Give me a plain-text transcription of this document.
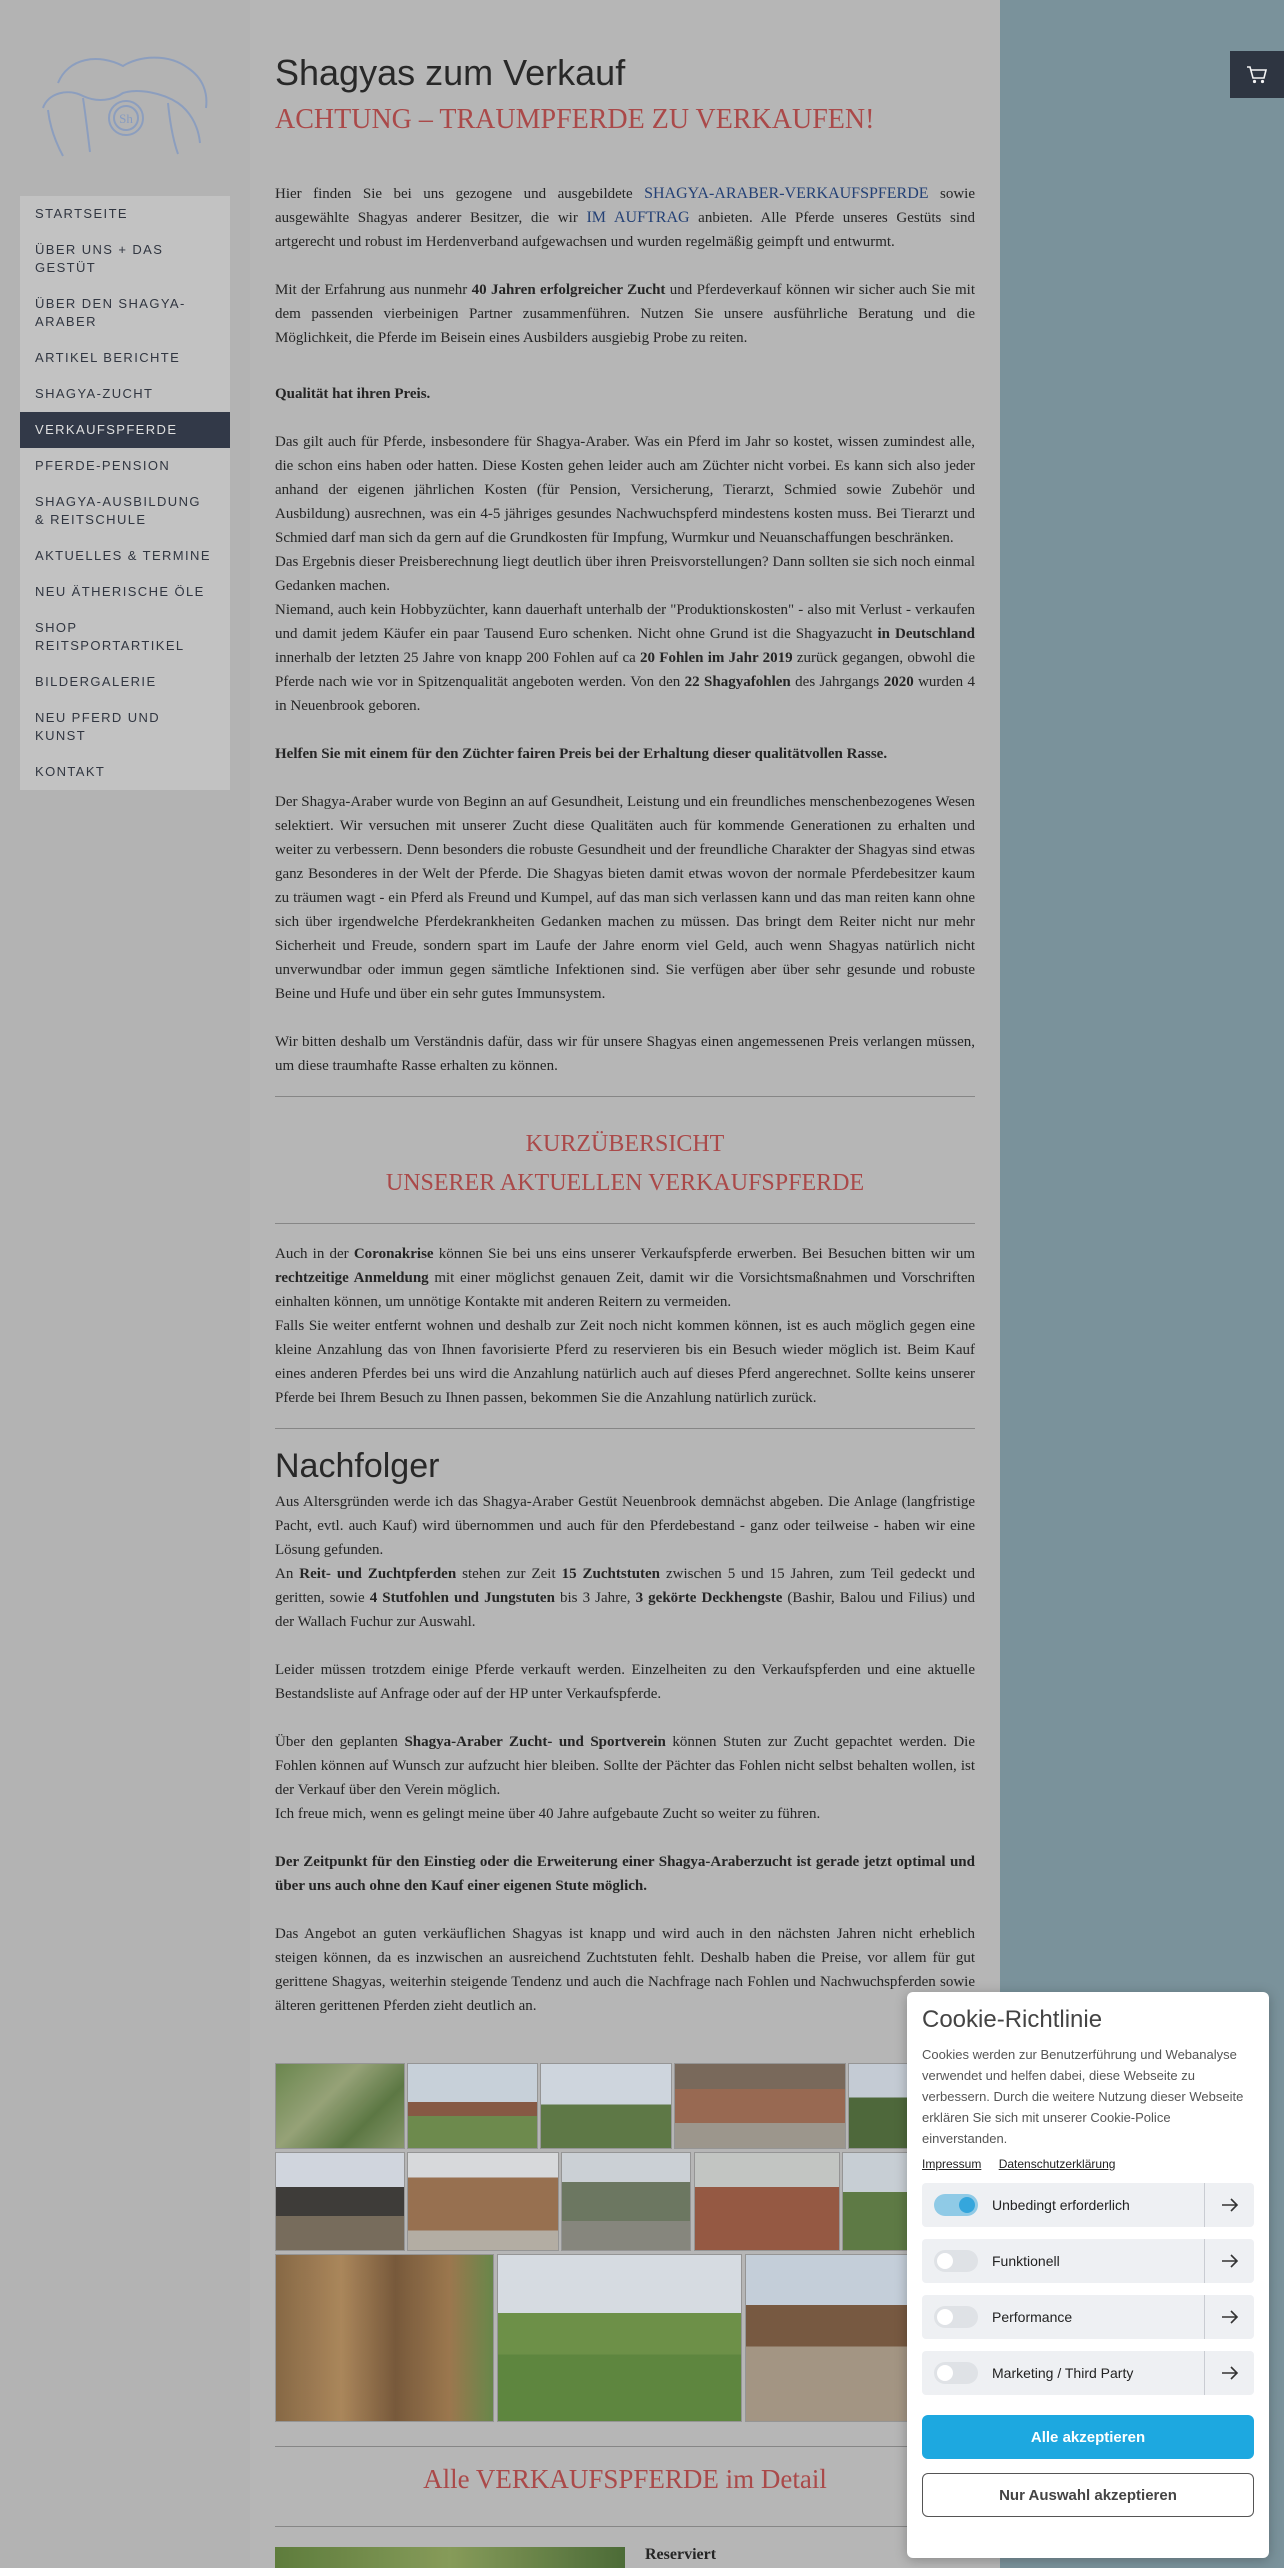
Sh
STARTSEITE
ÜBER UNS + DAS GESTÜT
ÜBER DEN SHAGYA-ARABER
ARTIKEL BERICHTE
SHAGYA-ZUCHT
VERKAUFSPFERDE
PFERDE-PENSION
SHAGYA-AUSBILDUNG & REITSCHULE
AKTUELLES & TERMINE
NEU ÄTHERISCHE ÖLE
SHOP REITSPORTARTIKEL
BILDERGALERIE
NEU PFERD UND KUNST
KONTAKT
Shagyas zum Verkauf
ACHTUNG – TRAUMPFERDE ZU VERKAUFEN!

Hier finden Sie bei uns gezogene und ausgebildete SHAGYA-ARABER-VERKAUFSPFERDE sowie ausgewählte Shagyas anderer Besitzer, die wir IM AUFTRAG anbieten. Alle Pferde unseres Gestüts sind artgerecht und robust im Herdenverband aufgewachsen und wurden regelmäßig geimpft und entwurmt.

Mit der Erfahrung aus nunmehr 40 Jahren erfolgreicher Zucht und Pferdeverkauf können wir sicher auch Sie mit dem passenden vierbeinigen Partner zusammenführen. Nutzen Sie unsere ausführliche Beratung und die Möglichkeit, die Pferde im Beisein eines Ausbilders ausgiebig Probe zu reiten.

Qualität hat ihren Preis.

Das gilt auch für Pferde, insbesondere für Shagya-Araber. Was ein Pferd im Jahr so kostet, wissen zumindest alle, die schon eins haben oder hatten. Diese Kosten gehen leider auch am Züchter nicht vorbei. Es kann sich also jeder anhand der eigenen jährlichen Kosten (für Pension, Versicherung, Tierarzt, Schmied sowie Zubehör und Ausbildung) ausrechnen, was ein 4-5 jähriges gesundes Nachwuchspferd mindestens kosten muss. Bei Tierarzt und Schmied darf man sich da gern auf die Grundkosten für Impfung, Wurmkur und Neuanschaffungen beschränken.

Das Ergebnis dieser Preisberechnung liegt deutlich über ihren Preisvorstellungen? Dann sollten sie sich noch einmal Gedanken machen.

Niemand, auch kein Hobbyzüchter, kann dauerhaft unterhalb der "Produktionskosten" - also mit Verlust - verkaufen und damit jedem Käufer ein paar Tausend Euro schenken. Nicht ohne Grund ist die Shagyazucht in Deutschland innerhalb der letzten 25 Jahre von knapp 200 Fohlen auf ca 20 Fohlen im Jahr 2019 zurück gegangen, obwohl die Pferde nach wie vor in Spitzenqualität angeboten werden. Von den 22 Shagyafohlen des Jahrgangs 2020 wurden 4 in Neuenbrook geboren.

Helfen Sie mit einem für den Züchter fairen Preis bei der Erhaltung dieser qualitätvollen Rasse.

Der Shagya-Araber wurde von Beginn an auf Gesundheit, Leistung und ein freundliches menschenbezogenes Wesen selektiert. Wir versuchen mit unserer Zucht diese Qualitäten auch für kommende Generationen zu erhalten und weiter zu verbessern. Denn besonders die robuste Gesundheit und der freundliche Charakter der Shagyas sind etwas ganz Besonderes in der Welt der Pferde. Die Shagyas bieten damit etwas wovon der normale Pferdebesitzer kaum zu träumen wagt - ein Pferd als Freund und Kumpel, auf das man sich verlassen kann und das man reiten kann ohne sich über irgendwelche Pferdekrankheiten Gedanken machen zu müssen. Das bringt dem Reiter nicht nur mehr Sicherheit und Freude, sondern spart im Laufe der Jahre enorm viel Geld, auch wenn Shagyas natürlich nicht unverwundbar oder immun gegen sämtliche Infektionen sind. Sie verfügen aber über sehr gesunde und robuste Beine und Hufe und über ein sehr gutes Immunsystem.

Wir bitten deshalb um Verständnis dafür, dass wir für unsere Shagyas einen angemessenen Preis verlangen müssen, um diese traumhafte Rasse erhalten zu können.

KURZÜBERSICHT
UNSERER AKTUELLEN VERKAUFSPFERDE

Auch in der Coronakrise können Sie bei uns eins unserer Verkaufspferde erwerben. Bei Besuchen bitten wir um rechtzeitige Anmeldung mit einer möglichst genauen Zeit, damit wir die Vorsichtsmaßnahmen und Vorschriften einhalten können, um unnötige Kontakte mit anderen Reitern zu vermeiden.

Falls Sie weiter entfernt wohnen und deshalb zur Zeit noch nicht kommen können, ist es auch möglich gegen eine kleine Anzahlung das von Ihnen favorisierte Pferd zu reservieren bis ein Besuch wieder möglich ist. Beim Kauf eines anderen Pferdes bei uns wird die Anzahlung natürlich auch auf dieses Pferd angerechnet. Sollte keins unserer Pferde bei Ihrem Besuch zu Ihnen passen, bekommen Sie die Anzahlung natürlich zurück.

Nachfolger

Aus Altersgründen werde ich das Shagya-Araber Gestüt Neuenbrook demnächst abgeben. Die Anlage (langfristige Pacht, evtl. auch Kauf) wird übernommen und auch für den Pferdebestand - ganz oder teilweise - haben wir eine Lösung gefunden.

An Reit- und Zuchtpferden stehen zur Zeit 15 Zuchtstuten zwischen 5 und 15 Jahren, zum Teil gedeckt und geritten, sowie 4 Stutfohlen und Jungstuten bis 3 Jahre, 3 gekörte Deckhengste (Bashir, Balou und Filius) und der Wallach Fuchur zur Auswahl.

Leider müssen trotzdem einige Pferde verkauft werden. Einzelheiten zu den Verkaufspferden und eine aktuelle Bestandsliste auf Anfrage oder auf der HP unter Verkaufspferde.

Über den geplanten Shagya-Araber Zucht- und Sportverein können Stuten zur Zucht gepachtet werden. Die Fohlen können auf Wunsch zur aufzucht hier bleiben. Sollte der Pächter das Fohlen nicht selbst behalten wollen, ist der Verkauf über den Verein möglich.

Ich freue mich, wenn es gelingt meine über 40 Jahre aufgebaute Zucht so weiter zu führen.

Der Zeitpunkt für den Einstieg oder die Erweiterung einer Shagya-Araberzucht ist gerade jetzt optimal und über uns auch ohne den Kauf einer eigenen Stute möglich.

Das Angebot an guten verkäuflichen Shagyas ist knapp und wird auch in den nächsten Jahren nicht erheblich steigen können, da es inzwischen an ausreichend Zuchtstuten fehlt. Deshalb haben die Preise, vor allem für gut gerittene Shagyas, weiterhin steigende Tendenz und auch die Nachfrage nach Fohlen und Nachwuchspferden sowie älteren gerittenen Pferden zieht deutlich an.

Alle VERKAUFSPFERDE im Detail
Reserviert
Cookie-Richtlinie
Cookies werden zur Benutzerführung und Webanalyse verwendet und helfen dabei, diese Webseite zu verbessern. Durch die weitere Nutzung dieser Webseite erklären Sie sich mit unserer Cookie-Police einverstanden.
Impressum Datenschutzerklärung
Unbedingt erforderlich
Funktionell
Performance
Marketing / Third Party
Alle akzeptieren
Nur Auswahl akzeptieren
